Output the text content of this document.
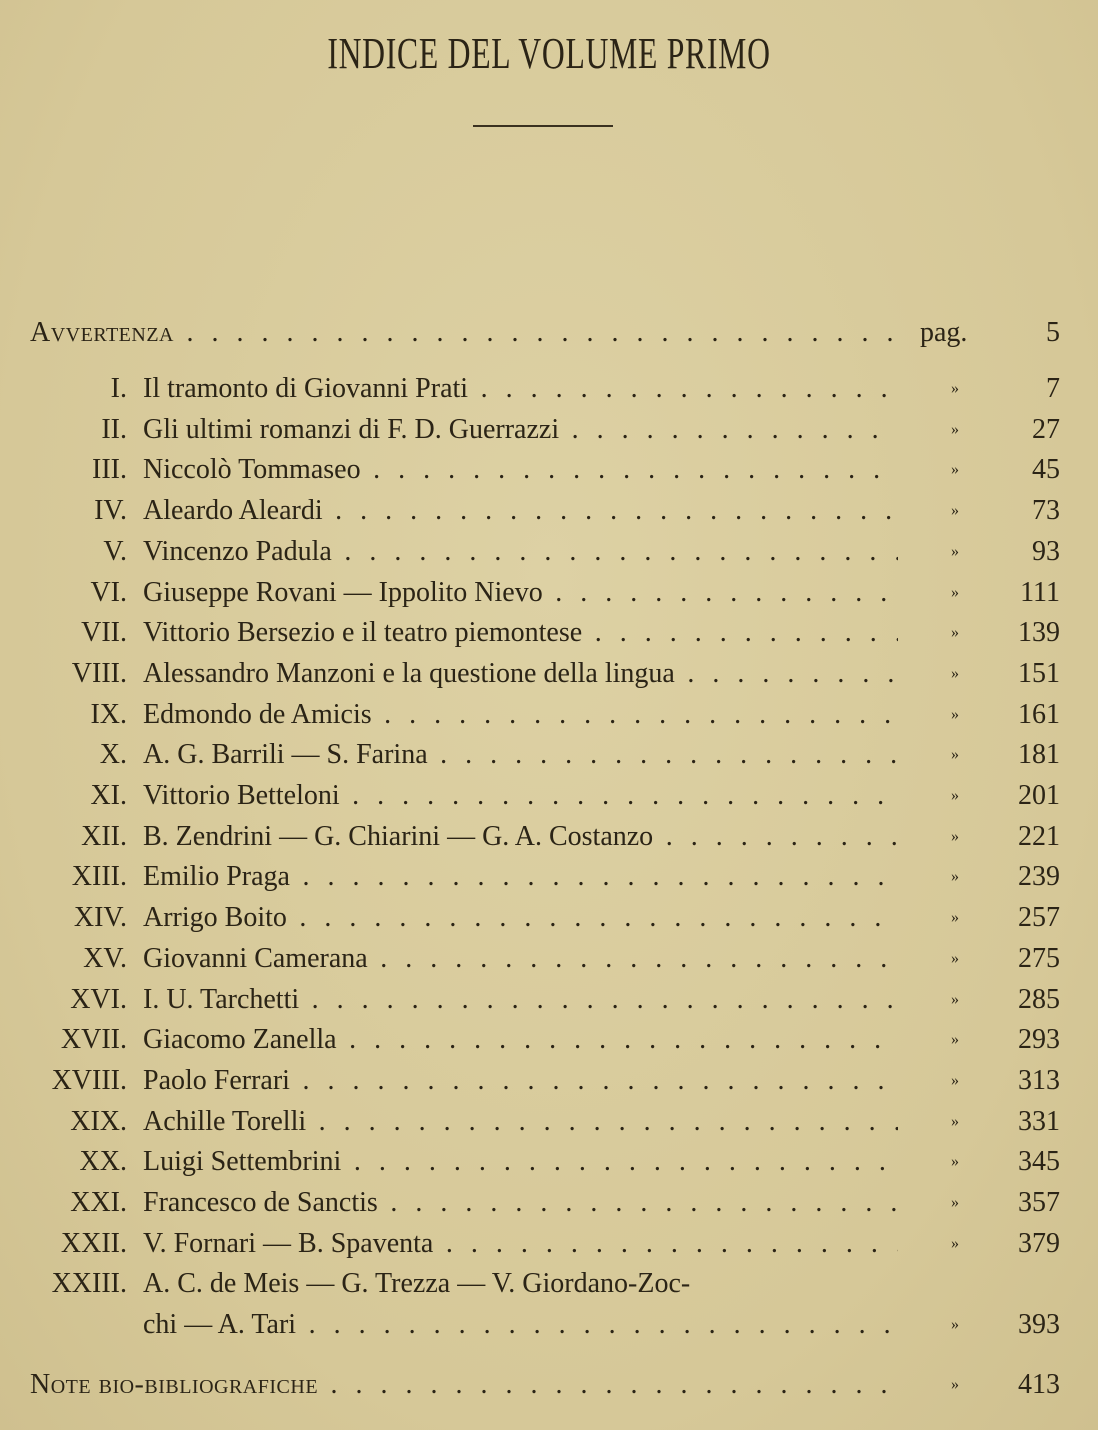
INDICE DEL VOLUME PRIMO
Avvertenza . . .	pag.	5
I. Il tramonto di Giovanni Prati . . .	»	7
II. Gli ultimi romanzi di F. D. Guerrazzi . . .	»	27
III. Niccolò Tommaseo . . .	»	45
IV. Aleardo Aleardi . . .	»	73
V. Vincenzo Padula . . .	»	93
VI. Giuseppe Rovani — Ippolito Nievo . . .	» 111
VII. Vittorio Bersezio e il teatro piemontese . . .	» 139
VIII. Alessandro Manzoni e la questione della lingua . . .	» 151
IX. Edmondo de Amicis . . .	» 161
X. A. G. Barrili — S. Farina . . .	» 181
XI. Vittorio Betteloni . . .	» 201
XII. B. Zendrini — G. Chiarini — G. A. Costanzo . . .	» 221
XIII. Emilio Praga . . .	» 239
XIV. Arrigo Boito . . .	» 257
XV. Giovanni Camerana . . .	» 275
XVI. I. U. Tarchetti . . .	» 285
XVII. Giacomo Zanella . . .	» 293
XVIII. Paolo Ferrari . . .	» 313
XIX. Achille Torelli . . .	» 331
XX. Luigi Settembrini . . .	» 345
XXI. Francesco de Sanctis . . .	» 357
XXII. V. Fornari — B. Spaventa . . .	» 379
XXIII. A. C. de Meis — G. Trezza — V. Giordano-Zoc-
chi — A. Tari . . .	» 393
Note bio-bibliografiche . . .	» 413
